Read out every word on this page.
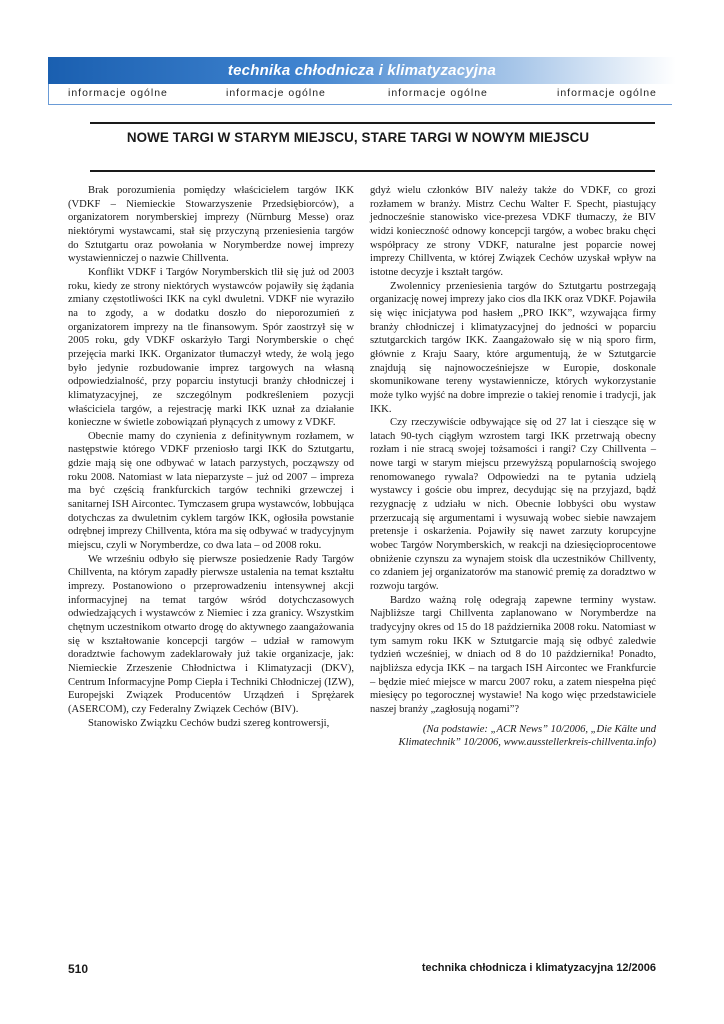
technika chłodnicza i klimatyzacyjna
informacje ogólne	informacje ogólne	informacje ogólne	informacje ogólne
NOWE TARGI W STARYM MIEJSCU, STARE TARGI W NOWYM MIEJSCU

Brak porozumienia pomiędzy właścicielem targów IKK (VDKF – Niemieckie Stowarzyszenie Przedsiębiorców), a organizatorem norymberskiej imprezy (Nürnburg Messe) oraz niektórymi wystawcami, stał się przyczyną przeniesienia targów do Sztutgartu oraz powołania w Norymberdze nowej imprezy wystawienniczej o nazwie Chillventa.

Konflikt VDKF i Targów Norymberskich tlił się już od 2003 roku, kiedy ze strony niektórych wystawców pojawiły się żądania zmiany częstotliwości IKK na cykl dwuletni. VDKF nie wyraziło na to zgody, a w dodatku doszło do nieporozumień z organizatorem imprezy na tle finansowym. Spór zaostrzył się w 2005 roku, gdy VDKF oskarżyło Targi Norymberskie o chęć przejęcia marki IKK. Organizator tłumaczył wtedy, że wolą jego było jedynie rozbudowanie imprez targowych na własną odpowiedzialność, przy poparciu instytucji branży chłodniczej i klimatyzacyjnej, ze szczególnym podkreśleniem pozycji właściciela targów, a rejestrację marki IKK uznał za działanie konieczne w świetle zobowiązań płynących z umowy z VDKF.

Obecnie mamy do czynienia z definitywnym rozłamem, w następstwie którego VDKF przeniosło targi IKK do Sztutgartu, gdzie mają się one odbywać w latach parzystych, począwszy od roku 2008. Natomiast w lata nieparzyste – już od 2007 – impreza ma być częścią frankfurckich targów techniki grzewczej i sanitarnej ISH Aircontec. Tymczasem grupa wystawców, lobbująca dotychczas za dwuletnim cyklem targów IKK, ogłosiła powstanie odrębnej imprezy Chillventa, która ma się odbywać w tradycyjnym miejscu, czyli w Norymberdze, co dwa lata – od 2008 roku.

We wrześniu odbyło się pierwsze posiedzenie Rady Targów Chillventa, na którym zapadły pierwsze ustalenia na temat kształtu imprezy. Postanowiono o przeprowadzeniu intensywnej akcji informacyjnej na temat targów wśród dotychczasowych odwiedzających i wystawców z Niemiec i zza granicy. Wszystkim chętnym uczestnikom otwarto drogę do aktywnego zaangażowania się w kształtowanie koncepcji targów – udział w ramowym doradztwie fachowym zadeklarowały już takie organizacje, jak: Niemieckie Zrzeszenie Chłodnictwa i Klimatyzacji (DKV), Centrum Informacyjne Pomp Ciepła i Techniki Chłodniczej (IZW), Europejski Związek Producentów Urządzeń i Sprężarek (ASERCOM), czy Federalny Związek Cechów (BIV).

Stanowisko Związku Cechów budzi szereg kontrowersji,

gdyż wielu członków BIV należy także do VDKF, co grozi rozłamem w branży. Mistrz Cechu Walter F. Specht, piastujący jednocześnie stanowisko vice-prezesa VDKF tłumaczy, że BIV widzi konieczność odnowy koncepcji targów, a wobec braku chęci współpracy ze strony VDKF, naturalne jest poparcie nowej imprezy Chillventa, w której Związek Cechów uzyskał wpływ na istotne decyzje i kształt targów.

Zwolennicy przeniesienia targów do Sztutgartu postrzegają organizację nowej imprezy jako cios dla IKK oraz VDKF. Pojawiła się więc inicjatywa pod hasłem „PRO IKK”, wzywająca firmy branży chłodniczej i klimatyzacyjnej do jedności w poparciu sztutgarckich targów IKK. Zaangażowało się w nią sporo firm, głównie z Kraju Saary, które argumentują, że w Sztutgarcie znajdują się najnowocześniejsze w Europie, doskonale skomunikowane tereny wystawiennicze, których wykorzystanie może tylko wyjść na dobre imprezie o takiej renomie i tradycji, jak IKK.

Czy rzeczywiście odbywające się od 27 lat i cieszące się w latach 90-tych ciągłym wzrostem targi IKK przetrwają obecny rozłam i nie stracą swojej tożsamości i rangi? Czy Chillventa – nowe targi w starym miejscu przewyższą popularnością swojego renomowanego rywala? Odpowiedzi na te pytania udzielą wystawcy i goście obu imprez, decydując się na przyjazd, bądź rezygnację z udziału w nich. Obecnie lobbyści obu wystaw przerzucają się argumentami i wysuwają wobec siebie nawzajem pretensje i oskarżenia. Pojawiły się nawet zarzuty korupcyjne wobec Targów Norymberskich, w reakcji na dziesięcioprocentowe obniżenie czynszu za wynajem stoisk dla uczestników Chillventy, co zdaniem jej organizatorów ma stanowić premię za doradztwo w rozwoju targów.

Bardzo ważną rolę odegrają zapewne terminy wystaw. Najbliższe targi Chillventa zaplanowano w Norymberdze na tradycyjny okres od 15 do 18 października 2008 roku. Natomiast w tym samym roku IKK w Sztutgarcie mają się odbyć zaledwie tydzień wcześniej, w dniach od 8 do 10 października! Ponadto, najbliższa edycja IKK – na targach ISH Aircontec we Frankfurcie – będzie mieć miejsce w marcu 2007 roku, a zatem niespełna pięć miesięcy po tegorocznej wystawie! Na kogo więc przedstawiciele naszej branży „zagłosują nogami”?

(Na podstawie: „ACR News” 10/2006, „Die Kälte und Klimatechnik” 10/2006, www.ausstellerkreis-chillventa.info)

510	technika chłodnicza i klimatyzacyjna 12/2006
